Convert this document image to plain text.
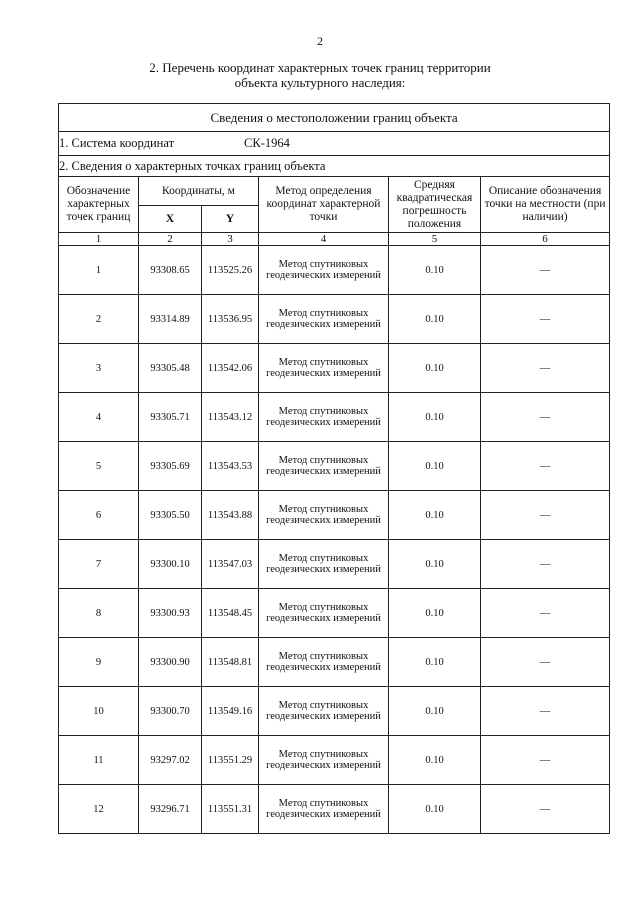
2
2. Перечень координат характерных точек границ территории
объекта культурного наследия:
Сведения о местоположении границ объекта					
1. Система координат СК-1964					
2. Сведения о характерных точках границ объекта					
Обозначение характерных точек границ	Координаты, м		Метод определения координат характерной точки	Средняя квадратическая погрешность положения	Описание обозначения точки на местности (при наличии)
	X	Y			
1	2	3	4	5	6
1	93308.65	113525.26	Метод спутниковых геодезических измерений	0.10	—
2	93314.89	113536.95	Метод спутниковых геодезических измерений	0.10	—
3	93305.48	113542.06	Метод спутниковых геодезических измерений	0.10	—
4	93305.71	113543.12	Метод спутниковых геодезических измерений	0.10	—
5	93305.69	113543.53	Метод спутниковых геодезических измерений	0.10	—
6	93305.50	113543.88	Метод спутниковых геодезических измерений	0.10	—
7	93300.10	113547.03	Метод спутниковых геодезических измерений	0.10	—
8	93300.93	113548.45	Метод спутниковых геодезических измерений	0.10	—
9	93300.90	113548.81	Метод спутниковых геодезических измерений	0.10	—
10	93300.70	113549.16	Метод спутниковых геодезических измерений	0.10	—
11	93297.02	113551.29	Метод спутниковых геодезических измерений	0.10	—
12	93296.71	113551.31	Метод спутниковых геодезических измерений	0.10	—
